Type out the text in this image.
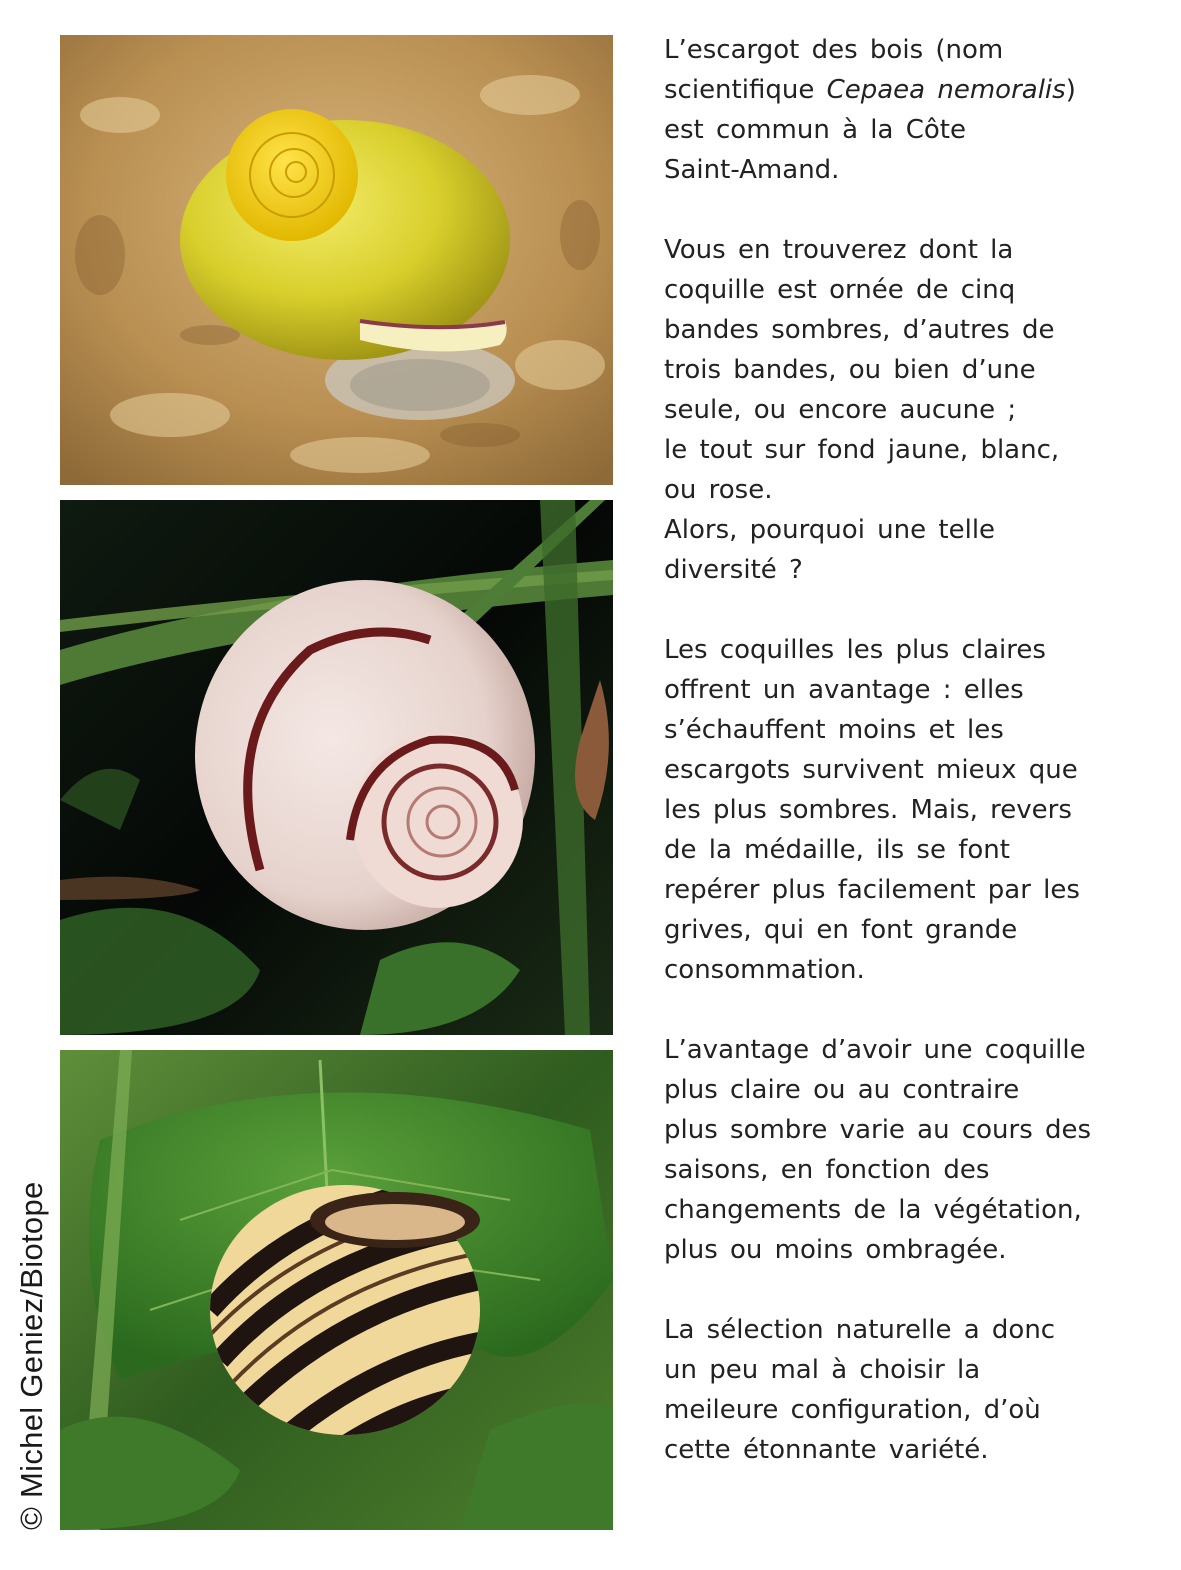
© Michel Geniez/Biotope
L’escargot des bois (nom
scientifique Cepaea nemoralis)
est commun à la Côte
Saint-Amand.
Vous en trouverez dont la
coquille est ornée de cinq
bandes sombres, d’autres de
trois bandes, ou bien d’une
seule, ou encore aucune ;
le tout sur fond jaune, blanc,
ou rose.
Alors, pourquoi une telle
diversité ?
Les coquilles les plus claires
offrent un avantage : elles
s’échauffent moins et les
escargots survivent mieux que
les plus sombres. Mais, revers
de la médaille, ils se font
repérer plus facilement par les
grives, qui en font grande
consommation.
L’avantage d’avoir une coquille
plus claire ou au contraire
plus sombre varie au cours des
saisons, en fonction des
changements de la végétation,
plus ou moins ombragée.
La sélection naturelle a donc
un peu mal à choisir la
meileure configuration, d’où
cette étonnante variété.
